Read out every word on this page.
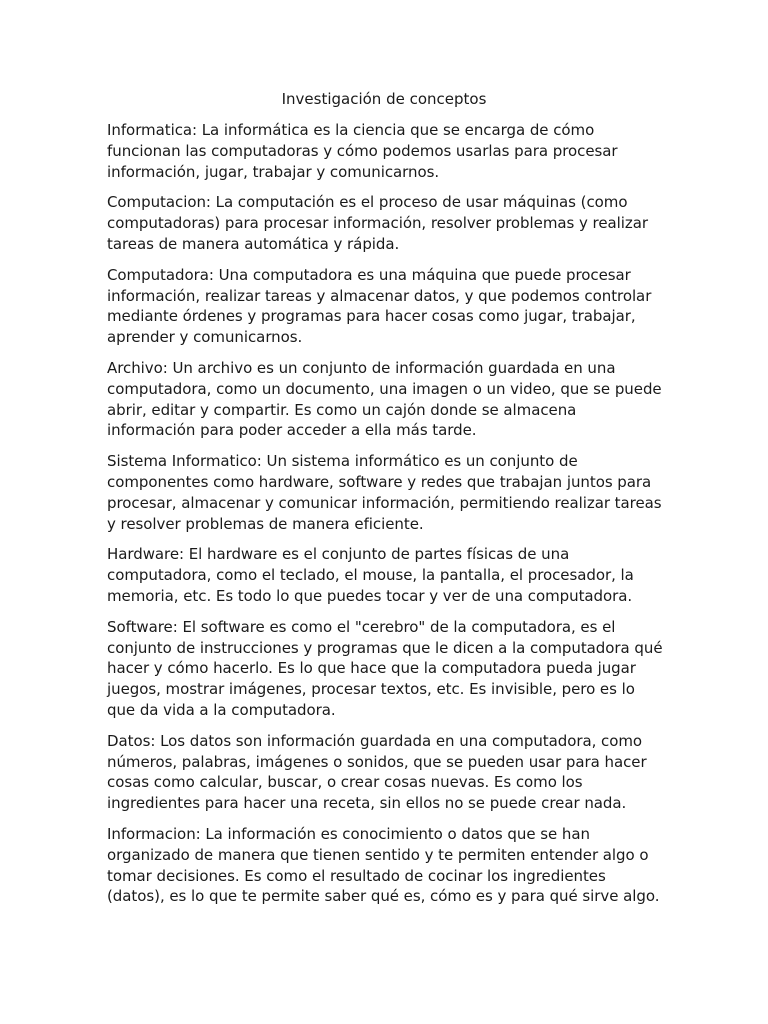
Investigación de conceptos

Informatica: La informática es la ciencia que se encarga de cómo funcionan las computadoras y cómo podemos usarlas para procesar información, jugar, trabajar y comunicarnos.

Computacion: La computación es el proceso de usar máquinas (como computadoras) para procesar información, resolver problemas y realizar tareas de manera automática y rápida.

Computadora: Una computadora es una máquina que puede procesar información, realizar tareas y almacenar datos, y que podemos controlar mediante órdenes y programas para hacer cosas como jugar, trabajar, aprender y comunicarnos.

Archivo: Un archivo es un conjunto de información guardada en una computadora, como un documento, una imagen o un video, que se puede abrir, editar y compartir. Es como un cajón donde se almacena información para poder acceder a ella más tarde.

Sistema Informatico: Un sistema informático es un conjunto de componentes como hardware, software y redes que trabajan juntos para procesar, almacenar y comunicar información, permitiendo realizar tareas y resolver problemas de manera eficiente.

Hardware: El hardware es el conjunto de partes físicas de una computadora, como el teclado, el mouse, la pantalla, el procesador, la memoria, etc. Es todo lo que puedes tocar y ver de una computadora.

Software: El software es como el "cerebro" de la computadora, es el conjunto de instrucciones y programas que le dicen a la computadora qué hacer y cómo hacerlo. Es lo que hace que la computadora pueda jugar juegos, mostrar imágenes, procesar textos, etc. Es invisible, pero es lo que da vida a la computadora.

Datos: Los datos son información guardada en una computadora, como números, palabras, imágenes o sonidos, que se pueden usar para hacer cosas como calcular, buscar, o crear cosas nuevas. Es como los ingredientes para hacer una receta, sin ellos no se puede crear nada.

Informacion: La información es conocimiento o datos que se han organizado de manera que tienen sentido y te permiten entender algo o tomar decisiones. Es como el resultado de cocinar los ingredientes (datos), es lo que te permite saber qué es, cómo es y para qué sirve algo.
